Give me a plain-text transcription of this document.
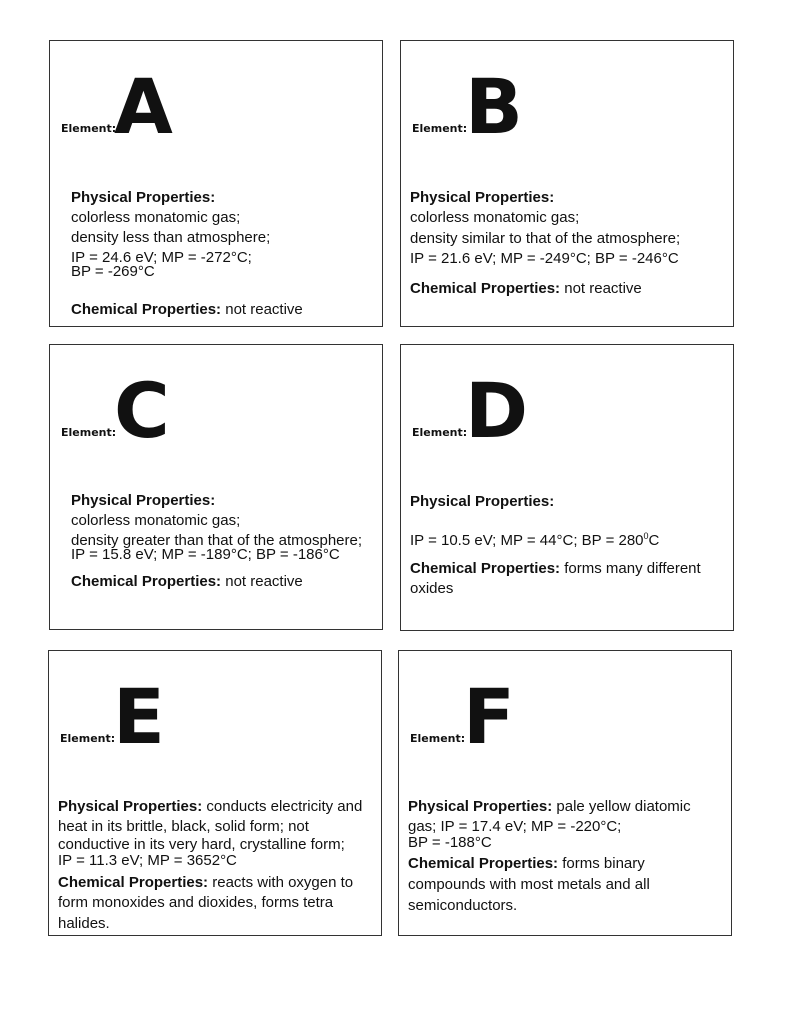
Element:
A
Physical Properties:
colorless monatomic gas;
density less than atmosphere;
IP = 24.6 eV; MP = -272°C;
BP = -269°C
Chemical Properties: not reactive
Element:
B
Physical Properties:
colorless monatomic gas;
density similar to that of the atmosphere;
IP = 21.6 eV; MP = -249°C; BP = -246°C
Chemical Properties: not reactive
Element:
C
Physical Properties:
colorless monatomic gas;
density greater than that of the atmosphere;
IP = 15.8 eV; MP = -189°C; BP = -186°C
Chemical Properties: not reactive
Element:
D
Physical Properties:
IP = 10.5 eV; MP = 44°C; BP = $280^0C$
Chemical Properties: forms many different
oxides
Element:
E
Physical Properties: conducts electricity and
heat in its brittle, black, solid form; not
conductive in its very hard, crystalline form;
IP = 11.3 eV; MP = 3652°C
Chemical Properties: reacts with oxygen to
form monoxides and dioxides, forms tetra
halides.
Element:
F
Physical Properties: pale yellow diatomic
gas; IP = 17.4 eV; MP = -220°C;
BP = -188°C
Chemical Properties: forms binary
compounds with most metals and all
semiconductors.
